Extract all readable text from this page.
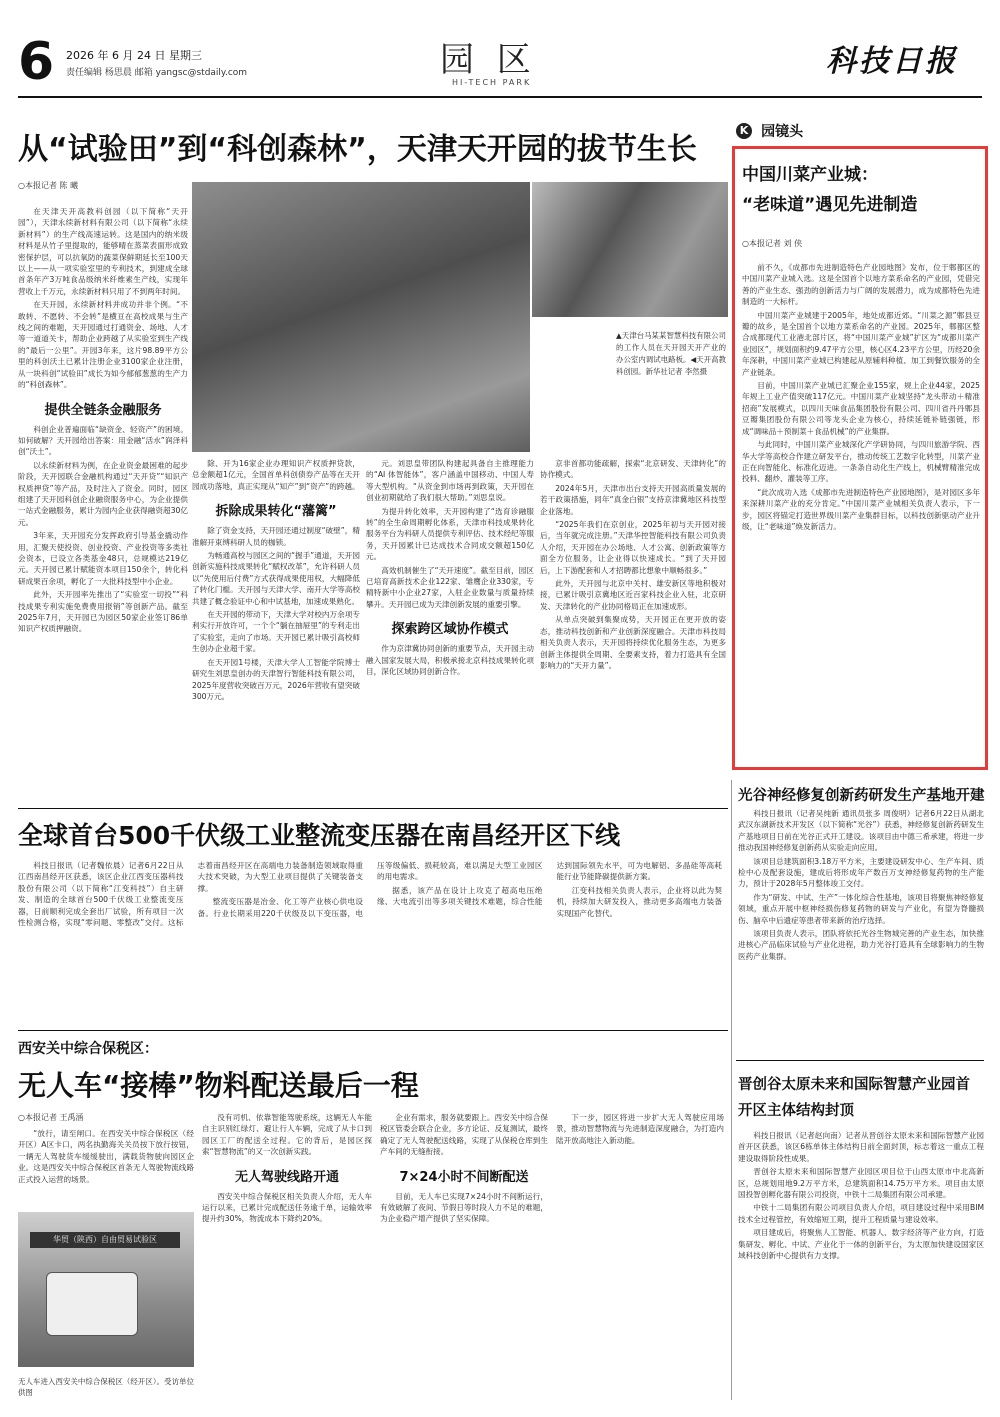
6 2026 年 6 月 24 日 星期三
责任编辑 杨思晨 邮箱 yangsc@stdaily.com	园 区
HI-TECH PARK
科技日报
从“试验田”到“科创森林”，天津天开园的拔节生长
○本报记者 陈 曦

在天津天开高教科创园（以下简称“天开园”），天津永续新材料有限公司（以下简称“永续新材料”）的生产线高速运转。这是国内的纳米级材料是从竹子里提取的，能够晴在蒸菜表面形成致密保护层，可以抗氧防的蔬菜保鲜期延长至100天以上——从一项实验室里的专利技术，到建成全球首条年产3万吨食品级纳米纤维素生产线，实现年营收上千万元，永续新材料只用了不到两年时间。

在天开园，永续新材料并成功并非个例。“不敢转、不愿转、不会转”是横亘在高校成果与生产线之间的难题，天开园通过打通资金、场地、人才等一道道关卡，帮助企业跨越了从实验室到生产线的“最后一公里”。开园3年来，这片98.89平方公里的科创沃土已累计注册企业3100家企业注册，从一块科创“试验田”成长为如今郁郁葱葱的生产力的“科创森林”。

提供全链条金融服务

科创企业普遍面临“缺资金、轻资产”的困境。如何破解？天开园给出答案：用金融“活水”润泽科创“沃土”。

以永续新材料为例，在企业资金最困难的起步阶段，天开园联合金融机构通过“天开贷”“知识产权质押贷”等产品，及时注入了资金。同时，园区组建了天开园科创企业融资服务中心，为企业提供一站式金融服务，累计为园内企业获得融资超30亿元。

3年来，天开园充分发挥政府引导基金撬动作用，汇聚天使投资、创业投资、产业投资等多类社会资本，已设立各类基金48只，总规模达219亿元。天开园已累计赋能资本项目150余个，转化科研成果百余项，孵化了一大批科技型中小企业。

此外，天开园率先推出了“实验室一切投”“科技成果专利实施免费费用报销”等创新产品。截至2025年7月，天开园已为园区50家企业签订86单知识产权质押融资。

▲天津台马某某智慧科技有限公司的工作人员在天开园天开产业的办公室内调试电路板。◀天开高教科创园。新华社记者 李然摄

除、开为16家企业办理知识产权质押贷款，总金额超1亿元，全国首单科创债券产品等在天开园成功落地，真正实现从“知产”到“资产”的跨越。

拆除成果转化“藩篱”

除了资金支持，天开园还通过制度“破壁”，精准解开束缚科研人员的枷锁。

为畅通高校与园区之间的“握手”通道，天开园创新实施科技成果转化“赋权改革”，允许科研人员以“先使用后付费”方式获得成果使用权，大幅降低了转化门槛。天开园与天津大学、南开大学等高校共建了概念验证中心和中试基地，加速成果熟化。

在天开园的带动下，天津大学对校内万余项专利实行开放许可，一个个“躺在抽屉里”的专利走出了实验室，走向了市场。天开园已累计吸引高校师生创办企业超千家。

在天开园1号楼，天津大学人工智能学院博士研究生刘思皇创办的天津智行智能科技有限公司，2025年度营收突破百万元，2026年营收有望突破300万元。

元。刘思皇带团队构建起具备自主推理能力的“AI 体智能体”，客户涵盖中国移动、中国人寿等大型机构。“从资金到市场再到政策，天开园在创业初期就给了我们很大帮助。”刘思皇说。

为提升转化效率，天开园构建了“选育诊融服转”的全生命周期孵化体系，天津市科技成果转化服务平台为科研人员提供专利评估、技术经纪等服务，天开园累计已达成技术合同成交额超150亿元。

高效机制催生了“天开速度”。截至目前，园区已培育高新技术企业122家、雏鹰企业330家，专精特新中小企业27家，入驻企业数量与质量持续攀升。天开园已成为天津创新发展的重要引擎。

探索跨区域协作模式

作为京津冀协同创新的重要节点，天开园主动融入国家发展大局，积极承接北京科技成果转化项目，深化区域协同创新合作。

京非首都功能疏解，探索“北京研发、天津转化”的协作模式。

2024年5月，天津市出台支持天开园高质量发展的若干政策措施，同年“真金白银”支持京津冀地区科技型企业落地。

“2025年我们在京创业，2025年初与天开园对接后，当年就完成注册。”天津华控智能科技有限公司负责人介绍，天开园在办公场地、人才公寓、创新政策等方面全方位服务，让企业得以快速成长。“到了天开园后，上下游配套和人才招聘都比想象中顺畅很多。”

此外，天开园与北京中关村、雄安新区等地积极对接，已累计吸引京冀地区近百家科技企业入驻，北京研发、天津转化的产业协同格局正在加速成形。

从单点突破到集聚成势，天开园正在更开放的姿态，推动科技创新和产业创新深度融合。天津市科技局相关负责人表示，天开园将持续优化服务生态，为更多创新主体提供全周期、全要素支持，着力打造具有全国影响力的“天开力量”。

K 园镜头
中国川菜产业城：
“老味道”遇见先进制造
○本报记者 刘 侠

前不久，《成都市先进制造特色产业园地图》发布，位于郫都区的中国川菜产业城入选。这是全国首个以地方菜系命名的产业园，凭借完善的产业生态、强劲的创新活力与广阔的发展潜力，成为成都特色先进制造的一大标杆。

中国川菜产业城建于2005年，地处成都近郊。“川菜之源”郫县豆瓣的故乡，是全国首个以地方菜系命名的产业园。2025年，郫都区整合成都现代工业港北部片区，将“中国川菜产业城”扩区为“成都川菜产业园区”，规划面积约9.47平方公里，核心区4.23平方公里，历经20余年深耕，中国川菜产业城已构建起从原辅料种植、加工到餐饮服务的全产业链条。

目前，中国川菜产业城已汇聚企业155家，规上企业44家，2025年规上工业产值突破117亿元。中国川菜产业城坚持“龙头带动＋精准招商”发展模式，以四川天味食品集团股份有限公司、四川省丹丹郫县豆瓣集团股份有限公司等龙头企业为核心，持续延链补链强链，形成“调味品＋预制菜＋食品机械”的产业集群。

与此同时，中国川菜产业城深化产学研协同，与四川旅游学院、西华大学等高校合作建立研发平台，推动传统工艺数字化转型，川菜产业正在向智能化、标准化迈进。一条条自动化生产线上，机械臂精准完成投料、翻炒、灌装等工序。

“此次成功入选《成都市先进制造特色产业园地图》，是对园区多年来深耕川菜产业的充分肯定。”中国川菜产业城相关负责人表示，下一步，园区将锚定打造世界级川菜产业集群目标，以科技创新驱动产业升级，让“老味道”焕发新活力。

光谷神经修复创新药研发生产基地开建

科技日报讯（记者吴纯新 通讯员张多 周俊明）记者6月22日从湖北武汉东湖新技术开发区（以下简称“光谷”）获悉，神经修复创新药研发生产基地项目日前在光谷正式开工建设。该项目由中德三希承建，将进一步推动我国神经修复创新药从实验走向应用。

该项目总建筑面积3.18万平方米，主要建设研发中心、生产车间、质检中心及配套设施，建成后将形成年产数百万支神经修复药物的生产能力，预计于2028年5月整体竣工交付。

作为“研发、中试、生产”一体化综合性基地，该项目将聚焦神经修复领域，重点开展中枢神经损伤修复药物的研发与产业化，有望为脊髓损伤、脑卒中后遗症等患者带来新的治疗选择。

该项目负责人表示，团队将依托光谷生物城完善的产业生态，加快推进核心产品临床试验与产业化进程，助力光谷打造具有全球影响力的生物医药产业集群。

晋创谷太原未来和国际智慧产业园首开区主体结构封顶

科技日报讯（记者赵向南）记者从晋创谷太原未来和国际智慧产业园首开区获悉，该区6栋单体主体结构日前全面封顶，标志着这一重点工程建设取得阶段性成果。

晋创谷太原未来和国际智慧产业园区项目位于山西太原市中北高新区，总规划用地9.2万平方米，总建筑面积14.75万平方米。项目由太原国投智创孵化器有限公司投资，中铁十二局集团有限公司承建。

中铁十二局集团有限公司项目负责人介绍，项目建设过程中采用BIM技术全过程管控，有效缩短工期，提升工程质量与建设效率。

项目建成后，将聚焦人工智能、机器人、数字经济等产业方向，打造集研发、孵化、中试、产业化于一体的创新平台，为太原加快建设国家区域科技创新中心提供有力支撑。

全球首台500千伏级工业整流变压器在南昌经开区下线

科技日报讯（记者魏依晨）记者6月22日从江西南昌经开区获悉，该区企业江西变压器科技股份有限公司（以下简称“江变科技”）自主研发、制造的全球首台500千伏级工业整流变压器，日前顺利完成全套出厂试验，所有项目一次性检测合格，实现“零问题、零整改”交付。这标志着南昌经开区在高端电力装备制造领域取得重大技术突破，为大型工业项目提供了关键装备支撑。

整流变压器是冶金、化工等产业核心供电设备。行业长期采用220千伏级及以下变压器，电压等级偏低、损耗较高，难以满足大型工业园区的用电需求。

据悉，该产品在设计上攻克了超高电压绝缘、大电流引出等多项关键技术难题，综合性能达到国际领先水平，可为电解铝、多晶硅等高耗能行业节能降碳提供新方案。

江变科技相关负责人表示，企业将以此为契机，持续加大研发投入，推动更多高端电力装备实现国产化替代。

西安关中综合保税区：
无人车“接棒”物料配送最后一程
○本报记者 王禹涵

“放行，请至闸口。在西安关中综合保税区（经开区）A区卡口，两名执勤海关关员按下放行按钮，一辆无人驾驶货车缓缓驶出，满载货物驶向园区企业。这是西安关中综合保税区首条无人驾驶物流线路正式投入运营的场景。

华贸（陕西）自由贸易试验区
无人车进入西安关中综合保税区（经开区）。受访单位供图

没有司机、依靠智能驾驶系统，这辆无人车能自主识别红绿灯、避让行人车辆，完成了从卡口到园区工厂的配送全过程。它的背后，是园区探索“智慧物流”的又一次创新实践。

无人驾驶线路开通

西安关中综合保税区相关负责人介绍，无人车运行以来，已累计完成配送任务逾千单，运输效率提升约30%，物流成本下降约20%。

企业有需求，服务就要跟上。西安关中综合保税区管委会联合企业，多方论证、反复测试，最终确定了无人驾驶配送线路，实现了从保税仓库到生产车间的无缝衔接。

7×24小时不间断配送

目前，无人车已实现7×24小时不间断运行，有效破解了夜间、节假日等时段人力不足的难题，为企业稳产增产提供了坚实保障。

下一步，园区将进一步扩大无人驾驶应用场景，推动智慧物流与先进制造深度融合，为打造内陆开放高地注入新动能。
